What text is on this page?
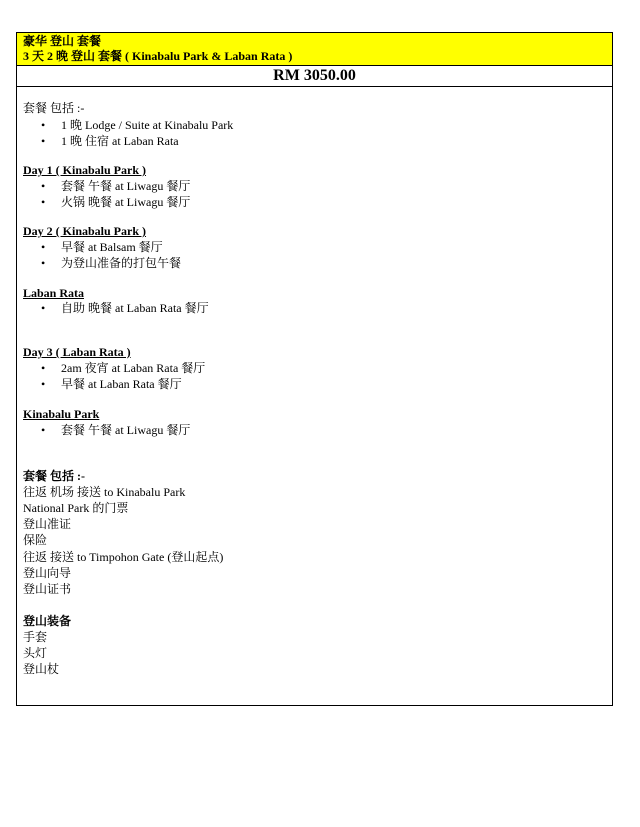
豪华 登山 套餐
3 天 2 晚 登山 套餐 ( Kinabalu Park & Laban Rata )
RM 3050.00
套餐 包括 :-
• 1 晚 Lodge / Suite at Kinabalu Park
• 1 晚 住宿 at Laban Rata
Day 1 ( Kinabalu Park )
• 套餐 午餐 at Liwagu 餐厅
• 火锅 晚餐 at Liwagu 餐厅
Day 2 ( Kinabalu Park )
• 早餐 at Balsam 餐厅
• 为登山准备的打包午餐
Laban Rata
• 自助 晚餐 at Laban Rata 餐厅
Day 3 ( Laban Rata )
• 2am 夜宵 at Laban Rata 餐厅
• 早餐 at Laban Rata 餐厅
Kinabalu Park
• 套餐 午餐 at Liwagu 餐厅
套餐 包括 :-
往返 机场 接送 to Kinabalu Park
National Park 的门票
登山准证
保险
往返 接送 to Timpohon Gate (登山起点)
登山向导
登山证书
登山装备
手套
头灯
登山杖
